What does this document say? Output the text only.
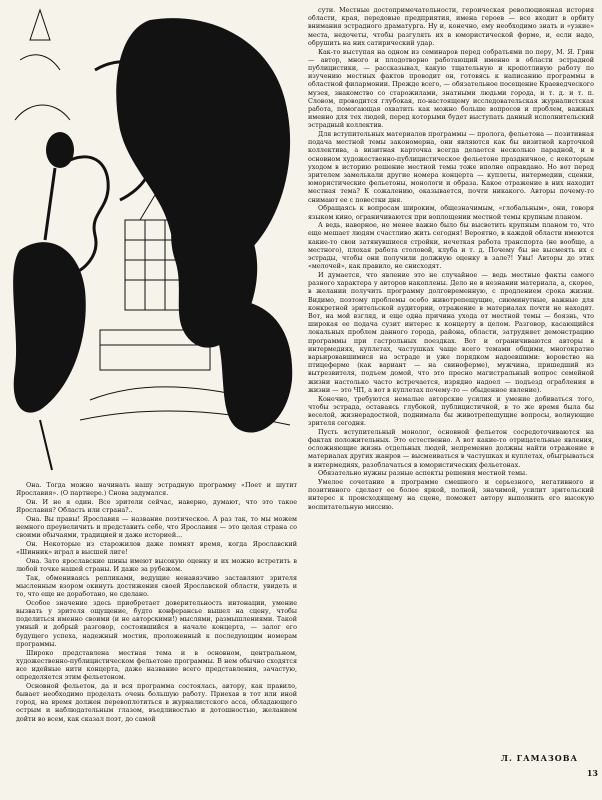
Она. Тогда можно начинать нашу эстрадную программу «Поет и шутит Ярославия». (О партнере.) Снова задумался.

Он. И не я один. Все зрители сейчас, наверно, думают, что это такое Ярославия? Область или страна?..

Она. Вы правы! Ярославия — название поэтическое. А раз так, то мы можем немного преувеличить и представить себе, что Ярославия — это целая страна со своими обычаями, традицией и даже историей...

Он. Некоторые из старожилов даже помнят время, когда Ярославский «Шинник» играл в высшей лиге!

Она. Зато ярославские шины имеют высокую оценку и их можно встретить в любой точке нашей страны. И даже за рубежом.

Так, обмениваясь репликами, ведущие ненавязчиво заставляют зрителя мысленным взором окинуть достижения своей Ярославской области, увидеть и то, что еще не доработано, не сделано.

Особое значение здесь приобретает доверительность интонации, умение вызвать у зрителя ощущение, будто конферансье вышел на сцену, чтобы поделиться именно своими (и не авторскими!) мыслями, размышлениями. Такой умный и добрый разговор, состоявшийся в начале концерта, — залог его будущего успеха, надежный мостик, проложенный к последующим номерам программы.

Широко представлена местная тема и в основном, центральном, художественно-публицистическом фельетоне программы. В нем обычно сходятся все идейные нити концерта, даже название всего представления, зачастую, определяется этим фельетоном.

Основной фельетон, да и вся программа состоялась, автору, как правило, бывает необходимо проделать очень большую работу. Приехав в тот или иной город, на время должен перевоплотиться в журналистского асса, обладающего острым и наблюдательным глазом, въедливостью и дотошностью, желанием дойти во всем, как сказал поэт, до самой

сути. Местные достопримечательности, героическая революционная история области, края, передовые предприятия, имена героев — все входит в орбиту внимания эстрадного драматурга. Ну и, конечно, ему необходимо знать и «узкие» места, недочеты, чтобы разгулять их в юмористической форме, и, если надо, обрушить на них сатирический удар.

Как-то выступая на одном из семинаров перед собратьями по перу, М. Я. Грин — автор, много и плодотворно работающий именно в области эстрадной публицистики, — рассказывал, какую тщательную и кропотливую работу по изучению местных фактов проводит он, готовясь к написанию программы в областной филармонии. Прежде всего, — обязательное посещение Краеведческого музея, знакомство со старожилами, знатными людьми города, и т. д. и т. п. Словом, проводится глубокая, по-настоящему исследовательская журналистская работа, помогающая охватить как можно больше вопросов и проблем, важных именно для тех людей, перед которыми будет выступать данный исполнительский эстрадный коллектив.

Для вступительных материалов программы — пролога, фельетона — позитивная подача местной темы закономерна, они являются как бы визитной карточкой коллектива, а визитная карточка всегда делается несколько парадной, и в основном художественно-публицистическое фельетоне праздничное, с некоторым уходом в историю решение местной темы тоже вполне оправдано. Но вот перед зрителем замелькали другие номера концерта — куплеты, интермедии, сценки, юмористические фельетоны, монологи и образа. Какое отражение в них находит местная тема? К сожалению, оказывается, почти никакого. Авторы почему-то снимают ее с повестки дня.

Обращаясь к вопросам широким, общезначимым, «глобальным», они, говоря языком кино, ограничиваются при воплощении местной темы крупным планом.

А ведь, наверное, не менее важно было бы высветить крупным планом то, что еще мешает людям счастливо жить сегодня! Вероятно, в каждой области имеются какие-то свои затянувшиеся стройки, нечеткая работа транспорта (не вообще, а местного), плохая работа столовой, клуба и т. д. Почему бы не высмеять их с эстрады, чтобы они получили должную оценку в зале?! Увы! Авторы до этих «мелочей», как правило, не снисходят.

И думается, что явление это не случайное — ведь местные факты самого разного характера у авторов накоплены. Дело не в незнании материала, а, скорее, в желании получить программу долговременную, с продлением срока жизни. Видимо, поэтому проблемы особо животрепещущие, сиюминутные, важные для конкретной зрительской аудитории, отражение в материалах почти не находят. Вот, на мой взгляд, и еще одна причина ухода от местной темы — боязнь, что широкая ее подача сузит интерес к концерту в целом. Разговор, касающийся локальных проблем данного города, района, области, затрудняет демонстрацию программы при гастрольных поездках. Вот и ограничиваются авторы в интермедиях, куплетах, частушках чаще всего темами общими, многократно варьировавшимися на эстраде и уже порядком надоевшими: воровство на птицеферме (как вариант — на свиноферме), мужчина, пришедший из вытрезвителя, подъем домой, что это пресно магистральный вопрос семейной жизни настолько часто встречается, изрядно надоел — подъезд ограбления в жизни — это ЧП, а вот в куплетах почему-то — обыденное явление).

Конечно, требуются немалые авторские усилия и умение добиваться того, чтобы эстрада, оставаясь глубокой, публицистичной, в то же время была бы веселой, жизнерадостной, поднимала бы животрепещущие вопросы, волнующие зрителя сегодня.

Пусть вступительный монолог, основной фельетон сосредоточиваются на фактах положительных. Это естественно. А вот какие-то отрицательные явления, осложняющие жизнь отдельных людей, непременно должны найти отражение в материалах других жанров — высмеиваться в частушках и куплетах, обыгрываться в интермедиях, разоблачаться в юмористических фельетонах.

Обязательно нужны разные аспекты решения местной темы.

Умелое сочетание в программе смешного и серьезного, негативного и позитивного сделает ее более яркой, полной, значимой, усилит зрительский интерес к происходящему на сцене, поможет автору выполнить его высокую воспитательную миссию.

Л. ГАМАЗОВА
13
